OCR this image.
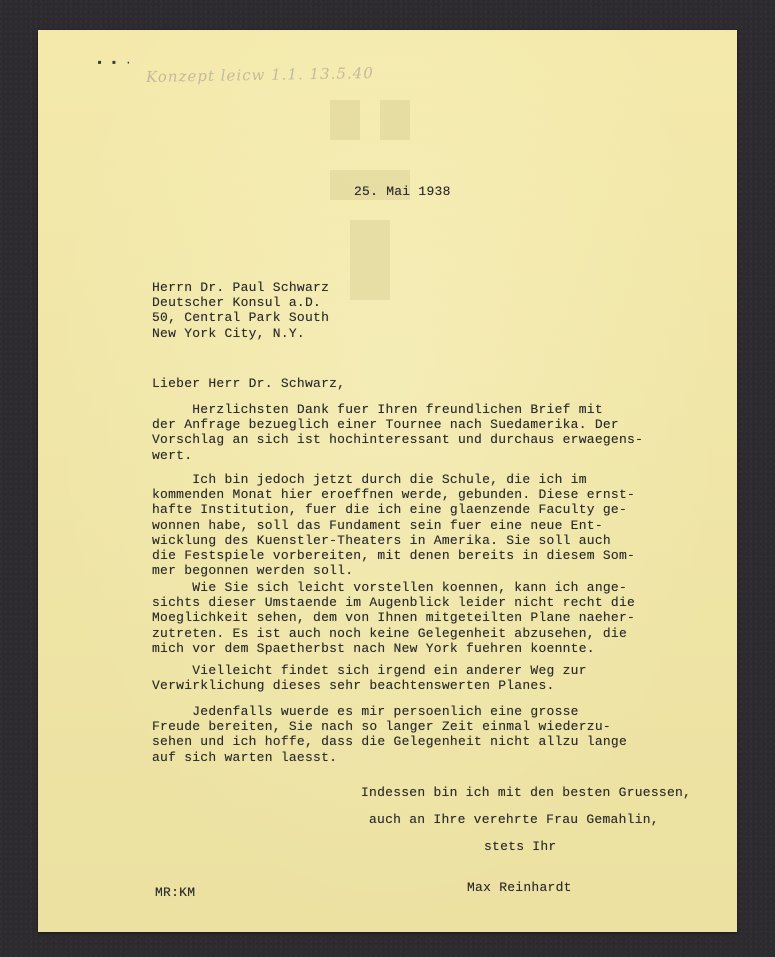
▪ ▪ ·
Konzept leicw 1.1. 13.5.40
25. Mai 1938
Herrn Dr. Paul Schwarz
Deutscher Konsul a.D.
50, Central Park South
New York City, N.Y.
Lieber Herr Dr. Schwarz,
Herzlichsten Dank fuer Ihren freundlichen Brief mit
der Anfrage bezueglich einer Tournee nach Suedamerika. Der
Vorschlag an sich ist hochinteressant und durchaus erwaegens-
wert.
Ich bin jedoch jetzt durch die Schule, die ich im
kommenden Monat hier eroeffnen werde, gebunden. Diese ernst-
hafte Institution, fuer die ich eine glaenzende Faculty ge-
wonnen habe, soll das Fundament sein fuer eine neue Ent-
wicklung des Kuenstler-Theaters in Amerika. Sie soll auch
die Festspiele vorbereiten, mit denen bereits in diesem Som-
mer begonnen werden soll.
Wie Sie sich leicht vorstellen koennen, kann ich ange-
sichts dieser Umstaende im Augenblick leider nicht recht die
Moeglichkeit sehen, dem von Ihnen mitgeteilten Plane naeher-
zutreten. Es ist auch noch keine Gelegenheit abzusehen, die
mich vor dem Spaetherbst nach New York fuehren koennte.
Vielleicht findet sich irgend ein anderer Weg zur
Verwirklichung dieses sehr beachtenswerten Planes.
Jedenfalls wuerde es mir persoenlich eine grosse
Freude bereiten, Sie nach so langer Zeit einmal wiederzu-
sehen und ich hoffe, dass die Gelegenheit nicht allzu lange
auf sich warten laesst.
Indessen bin ich mit den besten Gruessen,
auch an Ihre verehrte Frau Gemahlin,
stets Ihr
MR:KM	Max Reinhardt
